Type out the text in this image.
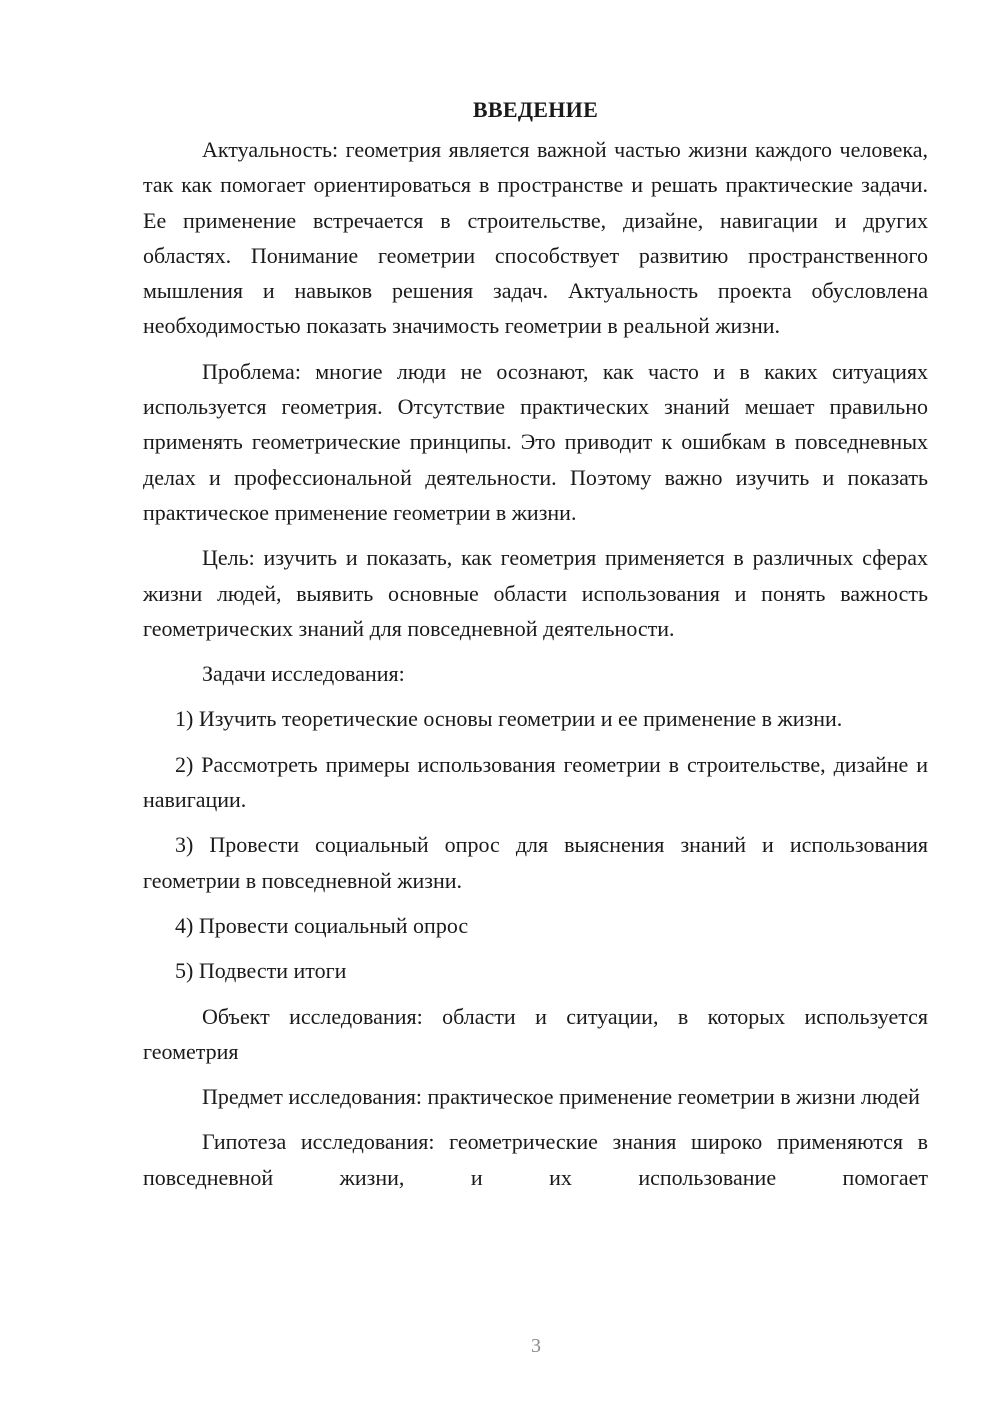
ВВЕДЕНИЕ
Актуальность: геометрия является важной частью жизни каждого человека, так как помогает ориентироваться в пространстве и решать практические задачи. Ее применение встречается в строительстве, дизайне, навигации и других областях. Понимание геометрии способствует развитию пространственного мышления и навыков решения задач. Актуальность проекта обусловлена необходимостью показать значимость геометрии в реальной жизни.
Проблема: многие люди не осознают, как часто и в каких ситуациях используется геометрия. Отсутствие практических знаний мешает правильно применять геометрические принципы. Это приводит к ошибкам в повседневных делах и профессиональной деятельности. Поэтому важно изучить и показать практическое применение геометрии в жизни.
Цель: изучить и показать, как геометрия применяется в различных сферах жизни людей, выявить основные области использования и понять важность геометрических знаний для повседневной деятельности.
Задачи исследования:
1) Изучить теоретические основы геометрии и ее применение в жизни.
2) Рассмотреть примеры использования геометрии в строительстве, дизайне и навигации.
3) Провести социальный опрос для выяснения знаний и использования геометрии в повседневной жизни.
4) Провести социальный опрос
5) Подвести итоги
Объект исследования: области и ситуации, в которых используется геометрия
Предмет исследования: практическое применение геометрии в жизни людей
Гипотеза исследования: геометрические знания широко применяются в повседневной жизни, и их использование помогает
3
